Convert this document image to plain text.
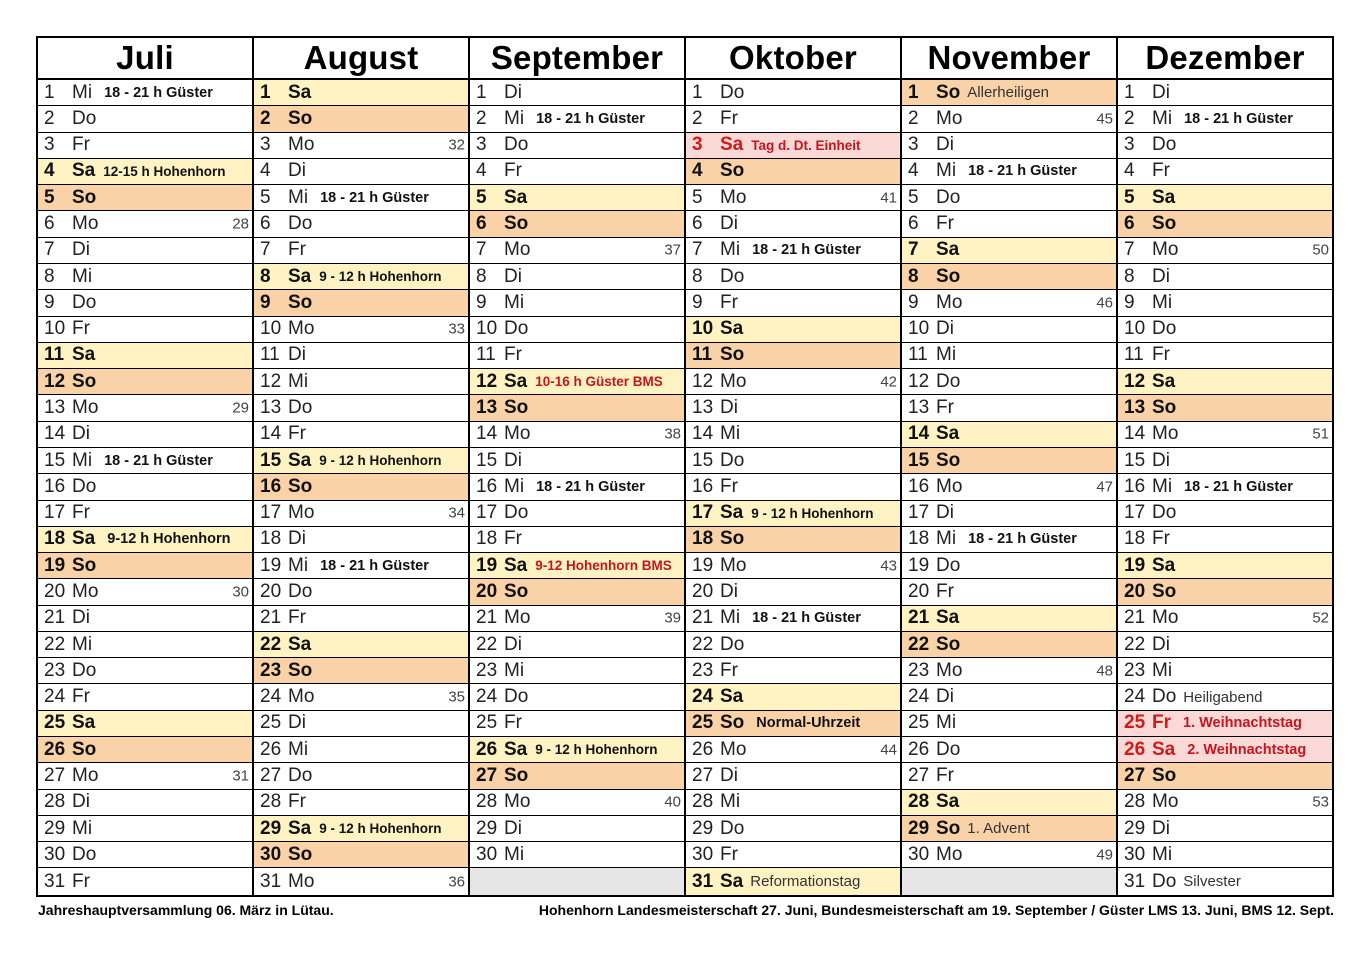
Juli
1 Mi 18 - 21 h Güster
2 Do
3 Fr
4 Sa 12-15 h Hohenhorn
5 So
6 Mo	28
7 Di
8 Mi
9 Do
10 Fr
11 Sa
12 So
13 Mo	29
14 Di
15 Mi 18 - 21 h Güster
16 Do
17 Fr
18 Sa 9-12 h Hohenhorn
19 So
20 Mo	30
21 Di
22 Mi
23 Do
24 Fr
25 Sa
26 So
27 Mo	31
28 Di
29 Mi
30 Do
31 Fr
August
1 Sa
2 So
3 Mo	32
4 Di
5 Mi 18 - 21 h Güster
6 Do
7 Fr
8 Sa 9 - 12 h Hohenhorn
9 So
10 Mo	33
11 Di
12 Mi
13 Do
14 Fr
15 Sa 9 - 12 h Hohenhorn
16 So
17 Mo	34
18 Di
19 Mi 18 - 21 h Güster
20 Do
21 Fr
22 Sa
23 So
24 Mo	35
25 Di
26 Mi
27 Do
28 Fr
29 Sa 9 - 12 h Hohenhorn
30 So
31 Mo	36
September
1 Di
2 Mi 18 - 21 h Güster
3 Do
4 Fr
5 Sa
6 So
7 Mo	37
8 Di
9 Mi
10 Do
11 Fr
12 Sa 10-16 h Güster BMS
13 So
14 Mo	38
15 Di
16 Mi 18 - 21 h Güster
17 Do
18 Fr
19 Sa 9-12 Hohenhorn BMS
20 So
21 Mo	39
22 Di
23 Mi
24 Do
25 Fr
26 Sa 9 - 12 h Hohenhorn
27 So
28 Mo	40
29 Di
30 Mi
Oktober
1 Do
2 Fr
3 Sa Tag d. Dt. Einheit
4 So
5 Mo	41
6 Di
7 Mi 18 - 21 h Güster
8 Do
9 Fr
10 Sa
11 So
12 Mo	42
13 Di
14 Mi
15 Do
16 Fr
17 Sa 9 - 12 h Hohenhorn
18 So
19 Mo	43
20 Di
21 Mi 18 - 21 h Güster
22 Do
23 Fr
24 Sa
25 So Normal-Uhrzeit
26 Mo	44
27 Di
28 Mi
29 Do
30 Fr
31 Sa Reformationstag
November
1 So Allerheiligen
2 Mo	45
3 Di
4 Mi 18 - 21 h Güster
5 Do
6 Fr
7 Sa
8 So
9 Mo	46
10 Di
11 Mi
12 Do
13 Fr
14 Sa
15 So
16 Mo	47
17 Di
18 Mi 18 - 21 h Güster
19 Do
20 Fr
21 Sa
22 So
23 Mo	48
24 Di
25 Mi
26 Do
27 Fr
28 Sa
29 So 1. Advent
30 Mo	49
Dezember
1 Di
2 Mi 18 - 21 h Güster
3 Do
4 Fr
5 Sa
6 So
7 Mo	50
8 Di
9 Mi
10 Do
11 Fr
12 Sa
13 So
14 Mo	51
15 Di
16 Mi 18 - 21 h Güster
17 Do
18 Fr
19 Sa
20 So
21 Mo	52
22 Di
23 Mi
24 Do Heiligabend
25 Fr 1. Weihnachtstag
26 Sa 2. Weihnachtstag
27 So
28 Mo	53
29 Di
30 Mi
31 Do Silvester
Jahreshauptversammlung 06. März in Lütau.	Hohenhorn Landesmeisterschaft 27. Juni, Bundesmeisterschaft am 19. September / Güster LMS 13. Juni, BMS 12. Sept.
